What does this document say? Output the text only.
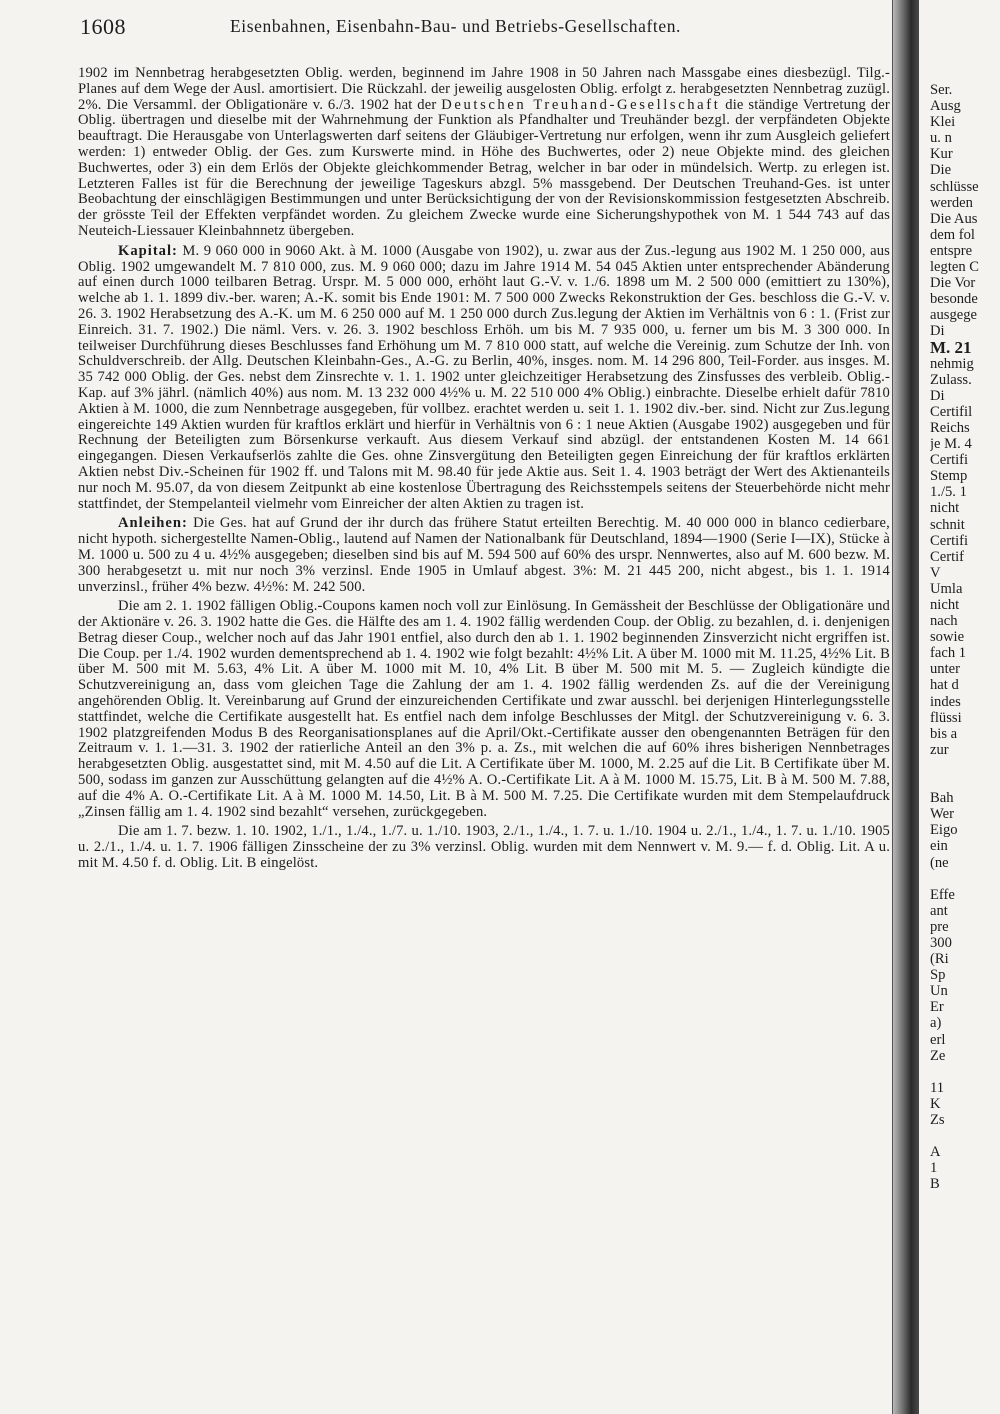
1608	Eisenbahnen, Eisenbahn-Bau- und Betriebs-Gesellschaften.

1902 im Nennbetrag herabgesetzten Oblig. werden, beginnend im Jahre 1908 in 50 Jahren nach Massgabe eines diesbezügl. Tilg.-Planes auf dem Wege der Ausl. amortisiert. Die Rückzahl. der jeweilig ausgelosten Oblig. erfolgt z. herabgesetzten Nennbetrag zuzügl. 2%. Die Versamml. der Obligationäre v. 6./3. 1902 hat der Deutschen Treuhand-Gesellschaft die ständige Vertretung der Oblig. übertragen und dieselbe mit der Wahrnehmung der Funktion als Pfandhalter und Treuhänder bezgl. der verpfändeten Objekte beauftragt. Die Herausgabe von Unterlagswerten darf seitens der Gläubiger-Vertretung nur erfolgen, wenn ihr zum Ausgleich geliefert werden: 1) entweder Oblig. der Ges. zum Kurswerte mind. in Höhe des Buchwertes, oder 2) neue Objekte mind. des gleichen Buchwertes, oder 3) ein dem Erlös der Objekte gleichkommender Betrag, welcher in bar oder in mündelsich. Wertp. zu erlegen ist. Letzteren Falles ist für die Berechnung der jeweilige Tageskurs abzgl. 5% massgebend. Der Deutschen Treuhand-Ges. ist unter Beobachtung der einschlägigen Bestimmungen und unter Berücksichtigung der von der Revisionskommission festgesetzten Abschreib. der grösste Teil der Effekten verpfändet worden. Zu gleichem Zwecke wurde eine Sicherungshypothek von M. 1 544 743 auf das Neuteich-Liessauer Kleinbahnnetz übergeben.

Kapital: M. 9 060 000 in 9060 Akt. à M. 1000 (Ausgabe von 1902), u. zwar aus der Zus.-legung aus 1902 M. 1 250 000, aus Oblig. 1902 umgewandelt M. 7 810 000, zus. M. 9 060 000; dazu im Jahre 1914 M. 54 045 Aktien unter entsprechender Abänderung auf einen durch 1000 teilbaren Betrag. Urspr. M. 5 000 000, erhöht laut G.-V. v. 1./6. 1898 um M. 2 500 000 (emittiert zu 130%), welche ab 1. 1. 1899 div.-ber. waren; A.-K. somit bis Ende 1901: M. 7 500 000 Zwecks Rekonstruktion der Ges. beschloss die G.-V. v. 26. 3. 1902 Herabsetzung des A.-K. um M. 6 250 000 auf M. 1 250 000 durch Zus.legung der Aktien im Verhältnis von 6 : 1. (Frist zur Einreich. 31. 7. 1902.) Die näml. Vers. v. 26. 3. 1902 beschloss Erhöh. um bis M. 7 935 000, u. ferner um bis M. 3 300 000. In teilweiser Durchführung dieses Beschlusses fand Erhöhung um M. 7 810 000 statt, auf welche die Vereinig. zum Schutze der Inh. von Schuldverschreib. der Allg. Deutschen Kleinbahn-Ges., A.-G. zu Berlin, 40%, insges. nom. M. 14 296 800, Teil-Forder. aus insges. M. 35 742 000 Oblig. der Ges. nebst dem Zinsrechte v. 1. 1. 1902 unter gleichzeitiger Herabsetzung des Zinsfusses des verbleib. Oblig.-Kap. auf 3% jährl. (nämlich 40%) aus nom. M. 13 232 000 4½% u. M. 22 510 000 4% Oblig.) einbrachte. Dieselbe erhielt dafür 7810 Aktien à M. 1000, die zum Nennbetrage ausgegeben, für vollbez. erachtet werden u. seit 1. 1. 1902 div.-ber. sind. Nicht zur Zus.legung eingereichte 149 Aktien wurden für kraftlos erklärt und hierfür in Verhältnis von 6 : 1 neue Aktien (Ausgabe 1902) ausgegeben und für Rechnung der Beteiligten zum Börsenkurse verkauft. Aus diesem Verkauf sind abzügl. der entstandenen Kosten M. 14 661 eingegangen. Diesen Verkaufserlös zahlte die Ges. ohne Zinsvergütung den Beteiligten gegen Einreichung der für kraftlos erklärten Aktien nebst Div.-Scheinen für 1902 ff. und Talons mit M. 98.40 für jede Aktie aus. Seit 1. 4. 1903 beträgt der Wert des Aktienanteils nur noch M. 95.07, da von diesem Zeitpunkt ab eine kostenlose Übertragung des Reichsstempels seitens der Steuerbehörde nicht mehr stattfindet, der Stempelanteil vielmehr vom Einreicher der alten Aktien zu tragen ist.

Anleihen: Die Ges. hat auf Grund der ihr durch das frühere Statut erteilten Berechtig. M. 40 000 000 in blanco cedierbare, nicht hypoth. sichergestellte Namen-Oblig., lautend auf Namen der Nationalbank für Deutschland, 1894—1900 (Serie I—IX), Stücke à M. 1000 u. 500 zu 4 u. 4½% ausgegeben; dieselben sind bis auf M. 594 500 auf 60% des urspr. Nennwertes, also auf M. 600 bezw. M. 300 herabgesetzt u. mit nur noch 3% verzinsl. Ende 1905 in Umlauf abgest. 3%: M. 21 445 200, nicht abgest., bis 1. 1. 1914 unverzinsl., früher 4% bezw. 4½%: M. 242 500.

Die am 2. 1. 1902 fälligen Oblig.-Coupons kamen noch voll zur Einlösung. In Gemässheit der Beschlüsse der Obligationäre und der Aktionäre v. 26. 3. 1902 hatte die Ges. die Hälfte des am 1. 4. 1902 fällig werdenden Coup. der Oblig. zu bezahlen, d. i. denjenigen Betrag dieser Coup., welcher noch auf das Jahr 1901 entfiel, also durch den ab 1. 1. 1902 beginnenden Zinsverzicht nicht ergriffen ist. Die Coup. per 1./4. 1902 wurden dementsprechend ab 1. 4. 1902 wie folgt bezahlt: 4½% Lit. A über M. 1000 mit M. 11.25, 4½% Lit. B über M. 500 mit M. 5.63, 4% Lit. A über M. 1000 mit M. 10, 4% Lit. B über M. 500 mit M. 5. — Zugleich kündigte die Schutzvereinigung an, dass vom gleichen Tage die Zahlung der am 1. 4. 1902 fällig werdenden Zs. auf die der Vereinigung angehörenden Oblig. lt. Vereinbarung auf Grund der einzureichenden Certifikate und zwar ausschl. bei derjenigen Hinterlegungsstelle stattfindet, welche die Certifikate ausgestellt hat. Es entfiel nach dem infolge Beschlusses der Mitgl. der Schutzvereinigung v. 6. 3. 1902 platzgreifenden Modus B des Reorganisationsplanes auf die April/Okt.-Certifikate ausser den obengenannten Beträgen für den Zeitraum v. 1. 1.—31. 3. 1902 der ratierliche Anteil an den 3% p. a. Zs., mit welchen die auf 60% ihres bisherigen Nennbetrages herabgesetzten Oblig. ausgestattet sind, mit M. 4.50 auf die Lit. A Certifikate über M. 1000, M. 2.25 auf die Lit. B Certifikate über M. 500, sodass im ganzen zur Ausschüttung gelangten auf die 4½% A. O.-Certifikate Lit. A à M. 1000 M. 15.75, Lit. B à M. 500 M. 7.88, auf die 4% A. O.-Certifikate Lit. A à M. 1000 M. 14.50, Lit. B à M. 500 M. 7.25. Die Certifikate wurden mit dem Stempelaufdruck „Zinsen fällig am 1. 4. 1902 sind bezahlt“ versehen, zurückgegeben.

Die am 1. 7. bezw. 1. 10. 1902, 1./1., 1./4., 1./7. u. 1./10. 1903, 2./1., 1./4., 1. 7. u. 1./10. 1904 u. 2./1., 1./4., 1. 7. u. 1./10. 1905 u. 2./1., 1./4. u. 1. 7. 1906 fälligen Zinsscheine der zu 3% verzinsl. Oblig. wurden mit dem Nennwert v. M. 9.— f. d. Oblig. Lit. A u. mit M. 4.50 f. d. Oblig. Lit. B eingelöst.

Ser.
Ausg
Klei
u. n
Kur
Die
schlüsse
werden
Die Aus
dem fol
entspre
legten C
Die Vor
besonde
ausgege
Di
M. 21
nehmig
Zulass.
Di
Certifil
Reichs
je M. 4
Certifi
Stemp
1./5. 1
nicht
schnit
Certifi
Certif
V
Umla
nicht
nach
sowie
fach 1
unter
hat d
indes
flüssi
bis a
zur
Bah
Wer
Eigo
ein
(ne
Effe
ant
pre
300
(Ri
Sp
Un
Er
a)
erl
Ze
11
K
Zs
A
1
B
